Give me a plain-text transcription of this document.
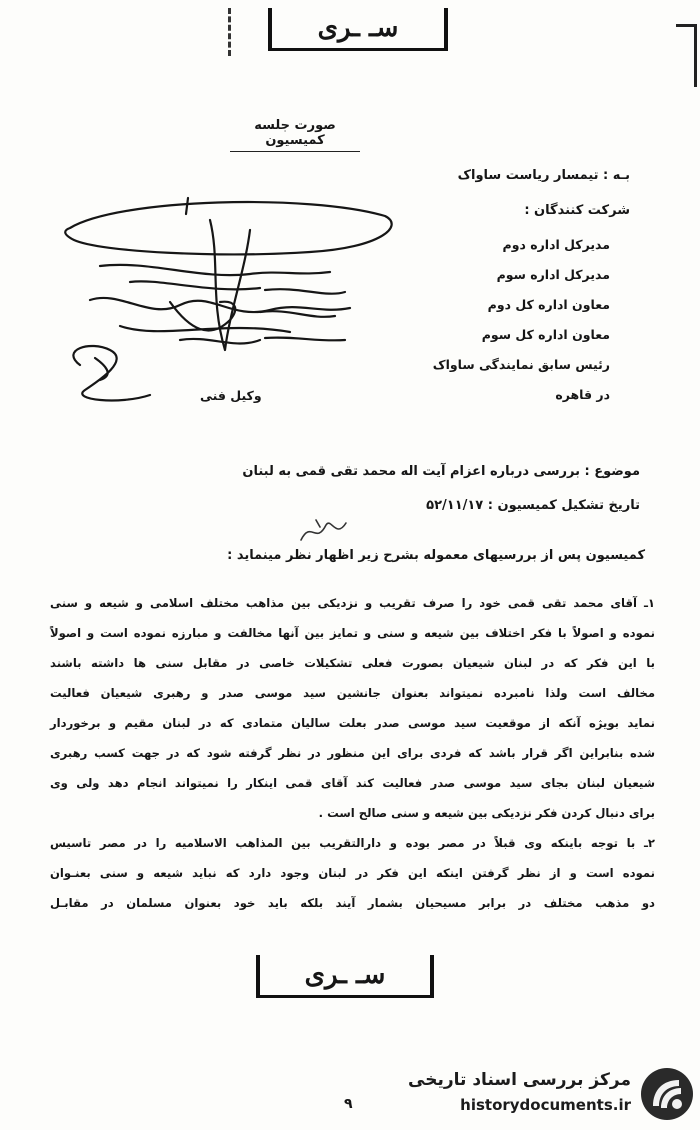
سـ ـری
صورت جلسه کمیسیون
بـه : تیمسار ریاست ساواک
شرکت کنندگان :
مدیرکل اداره دوم
مدیرکل اداره سوم
معاون اداره کل دوم
معاون اداره کل سوم
رئیس سابق نمایندگی ساواک
در قاهره
وکیل فنی
موضوع : بررسی درباره اعزام آیت اله محمد تقی قمی به لبنان
تاریخ تشکیل کمیسیون : ۵۲/۱۱/۱۷
کمیسیون پس از بررسیهای معموله بشرح زیر اظهار نظر مینماید :

۱ـ آقای محمد تقی قمی خود را صرف تقریب و نزدیکی بین مذاهب مختلف اسلامی و شیعه و سنی

نموده و اصولاً با فکر اختلاف بین شیعه و سنی و تمایز بین آنها مخالفت و مبارزه نموده است و اصولاً

با این فکر که در لبنان شیعیان بصورت فعلی تشکیلات خاصی در مقابل سنی ها داشته باشند

مخالف است ولذا نامبرده نمیتواند بعنوان جانشین سید موسی صدر و رهبری شیعیان فعالیت

نماید بویژه آنکه از موقعیت سید موسی صدر بعلت سالیان متمادی که در لبنان مقیم و برخوردار

شده بنابراین اگر قرار باشد که فردی برای این منظور در نظر گرفته شود که در جهت کسب رهبری

شیعیان لبنان بجای سید موسی صدر فعالیت کند آقای قمی اینکار را نمیتواند انجام دهد ولی وی

برای دنبال کردن فکر نزدیکی بین شیعه و سنی صالح است .

۲ـ با توجه باینکه وی قبلاً در مصر بوده و دارالتقریب بین المذاهب الاسلامیه را در مصر تاسیس

نموده است و از نظر گرفتن اینکه این فکر در لبنان وجود دارد که نباید شیعه و سنی بعنـوان

دو مذهب مختلف در برابر مسیحیان بشمار آیند بلکه باید خود بعنوان مسلمان در مقابـل

سـ ـری
۹
مرکز بررسی اسناد تاریخی
historydocuments.ir
